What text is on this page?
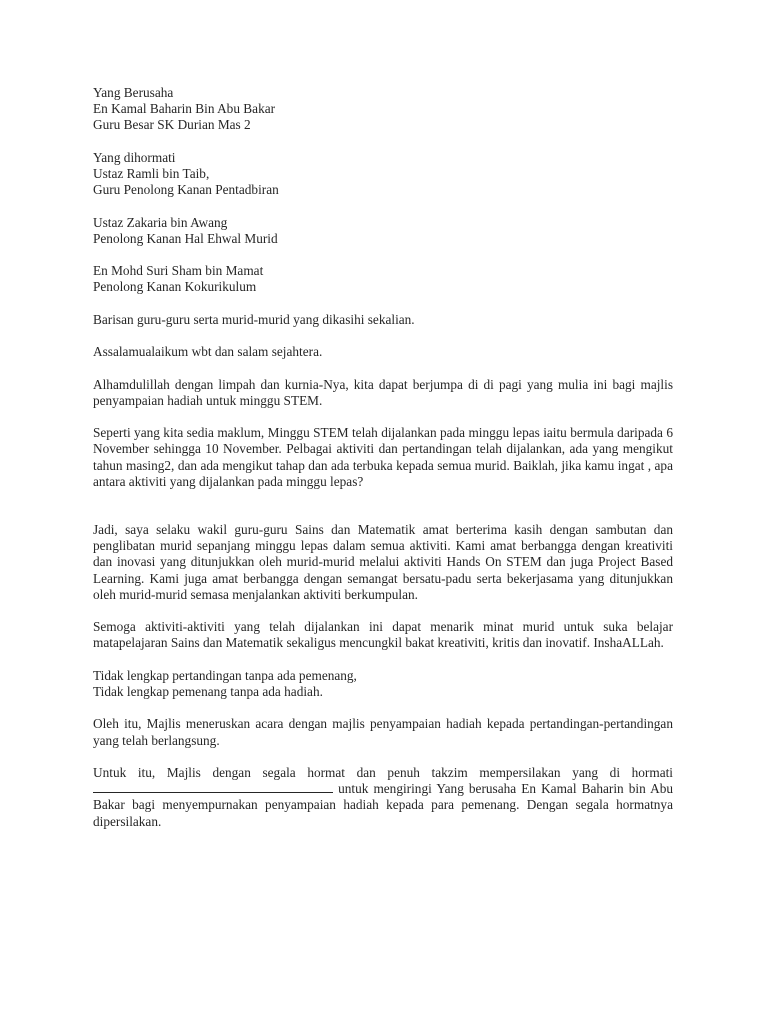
Yang Berusaha

En Kamal Baharin Bin Abu Bakar

Guru Besar SK Durian Mas 2

Yang dihormati

Ustaz Ramli bin Taib,

Guru Penolong Kanan Pentadbiran

Ustaz Zakaria bin Awang

Penolong Kanan Hal Ehwal Murid

En Mohd Suri Sham bin Mamat

Penolong Kanan Kokurikulum

Barisan guru-guru serta murid-murid yang dikasihi sekalian.

Assalamualaikum wbt dan salam sejahtera.

Alhamdulillah dengan limpah dan kurnia-Nya, kita dapat berjumpa di di pagi yang mulia ini bagi majlis penyampaian hadiah untuk minggu STEM.

Seperti yang kita sedia maklum, Minggu STEM telah dijalankan pada minggu lepas iaitu bermula daripada 6 November sehingga 10 November. Pelbagai aktiviti dan pertandingan telah dijalankan, ada yang mengikut tahun masing2, dan ada mengikut tahap dan ada terbuka kepada semua murid. Baiklah, jika kamu ingat , apa antara aktiviti yang dijalankan pada minggu lepas?

Jadi, saya selaku wakil guru-guru Sains dan Matematik amat berterima kasih dengan sambutan dan penglibatan murid sepanjang minggu lepas dalam semua aktiviti. Kami amat berbangga dengan kreativiti dan inovasi yang ditunjukkan oleh murid-murid melalui aktiviti Hands On STEM dan juga Project Based Learning. Kami juga amat berbangga dengan semangat bersatu-padu serta bekerjasama yang ditunjukkan oleh murid-murid semasa menjalankan aktiviti berkumpulan.

Semoga aktiviti-aktiviti yang telah dijalankan ini dapat menarik minat murid untuk suka belajar matapelajaran Sains dan Matematik sekaligus mencungkil bakat kreativiti, kritis dan inovatif. InshaALLah.

Tidak lengkap pertandingan tanpa ada pemenang,

Tidak lengkap pemenang tanpa ada hadiah.

Oleh itu, Majlis meneruskan acara dengan majlis penyampaian hadiah kepada pertandingan-pertandingan yang telah berlangsung.

Untuk itu, Majlis dengan segala hormat dan penuh takzim mempersilakan yang di hormati  untuk mengiringi Yang berusaha En Kamal Baharin bin Abu Bakar bagi menyempurnakan penyampaian hadiah kepada para pemenang. Dengan segala hormatnya dipersilakan.
